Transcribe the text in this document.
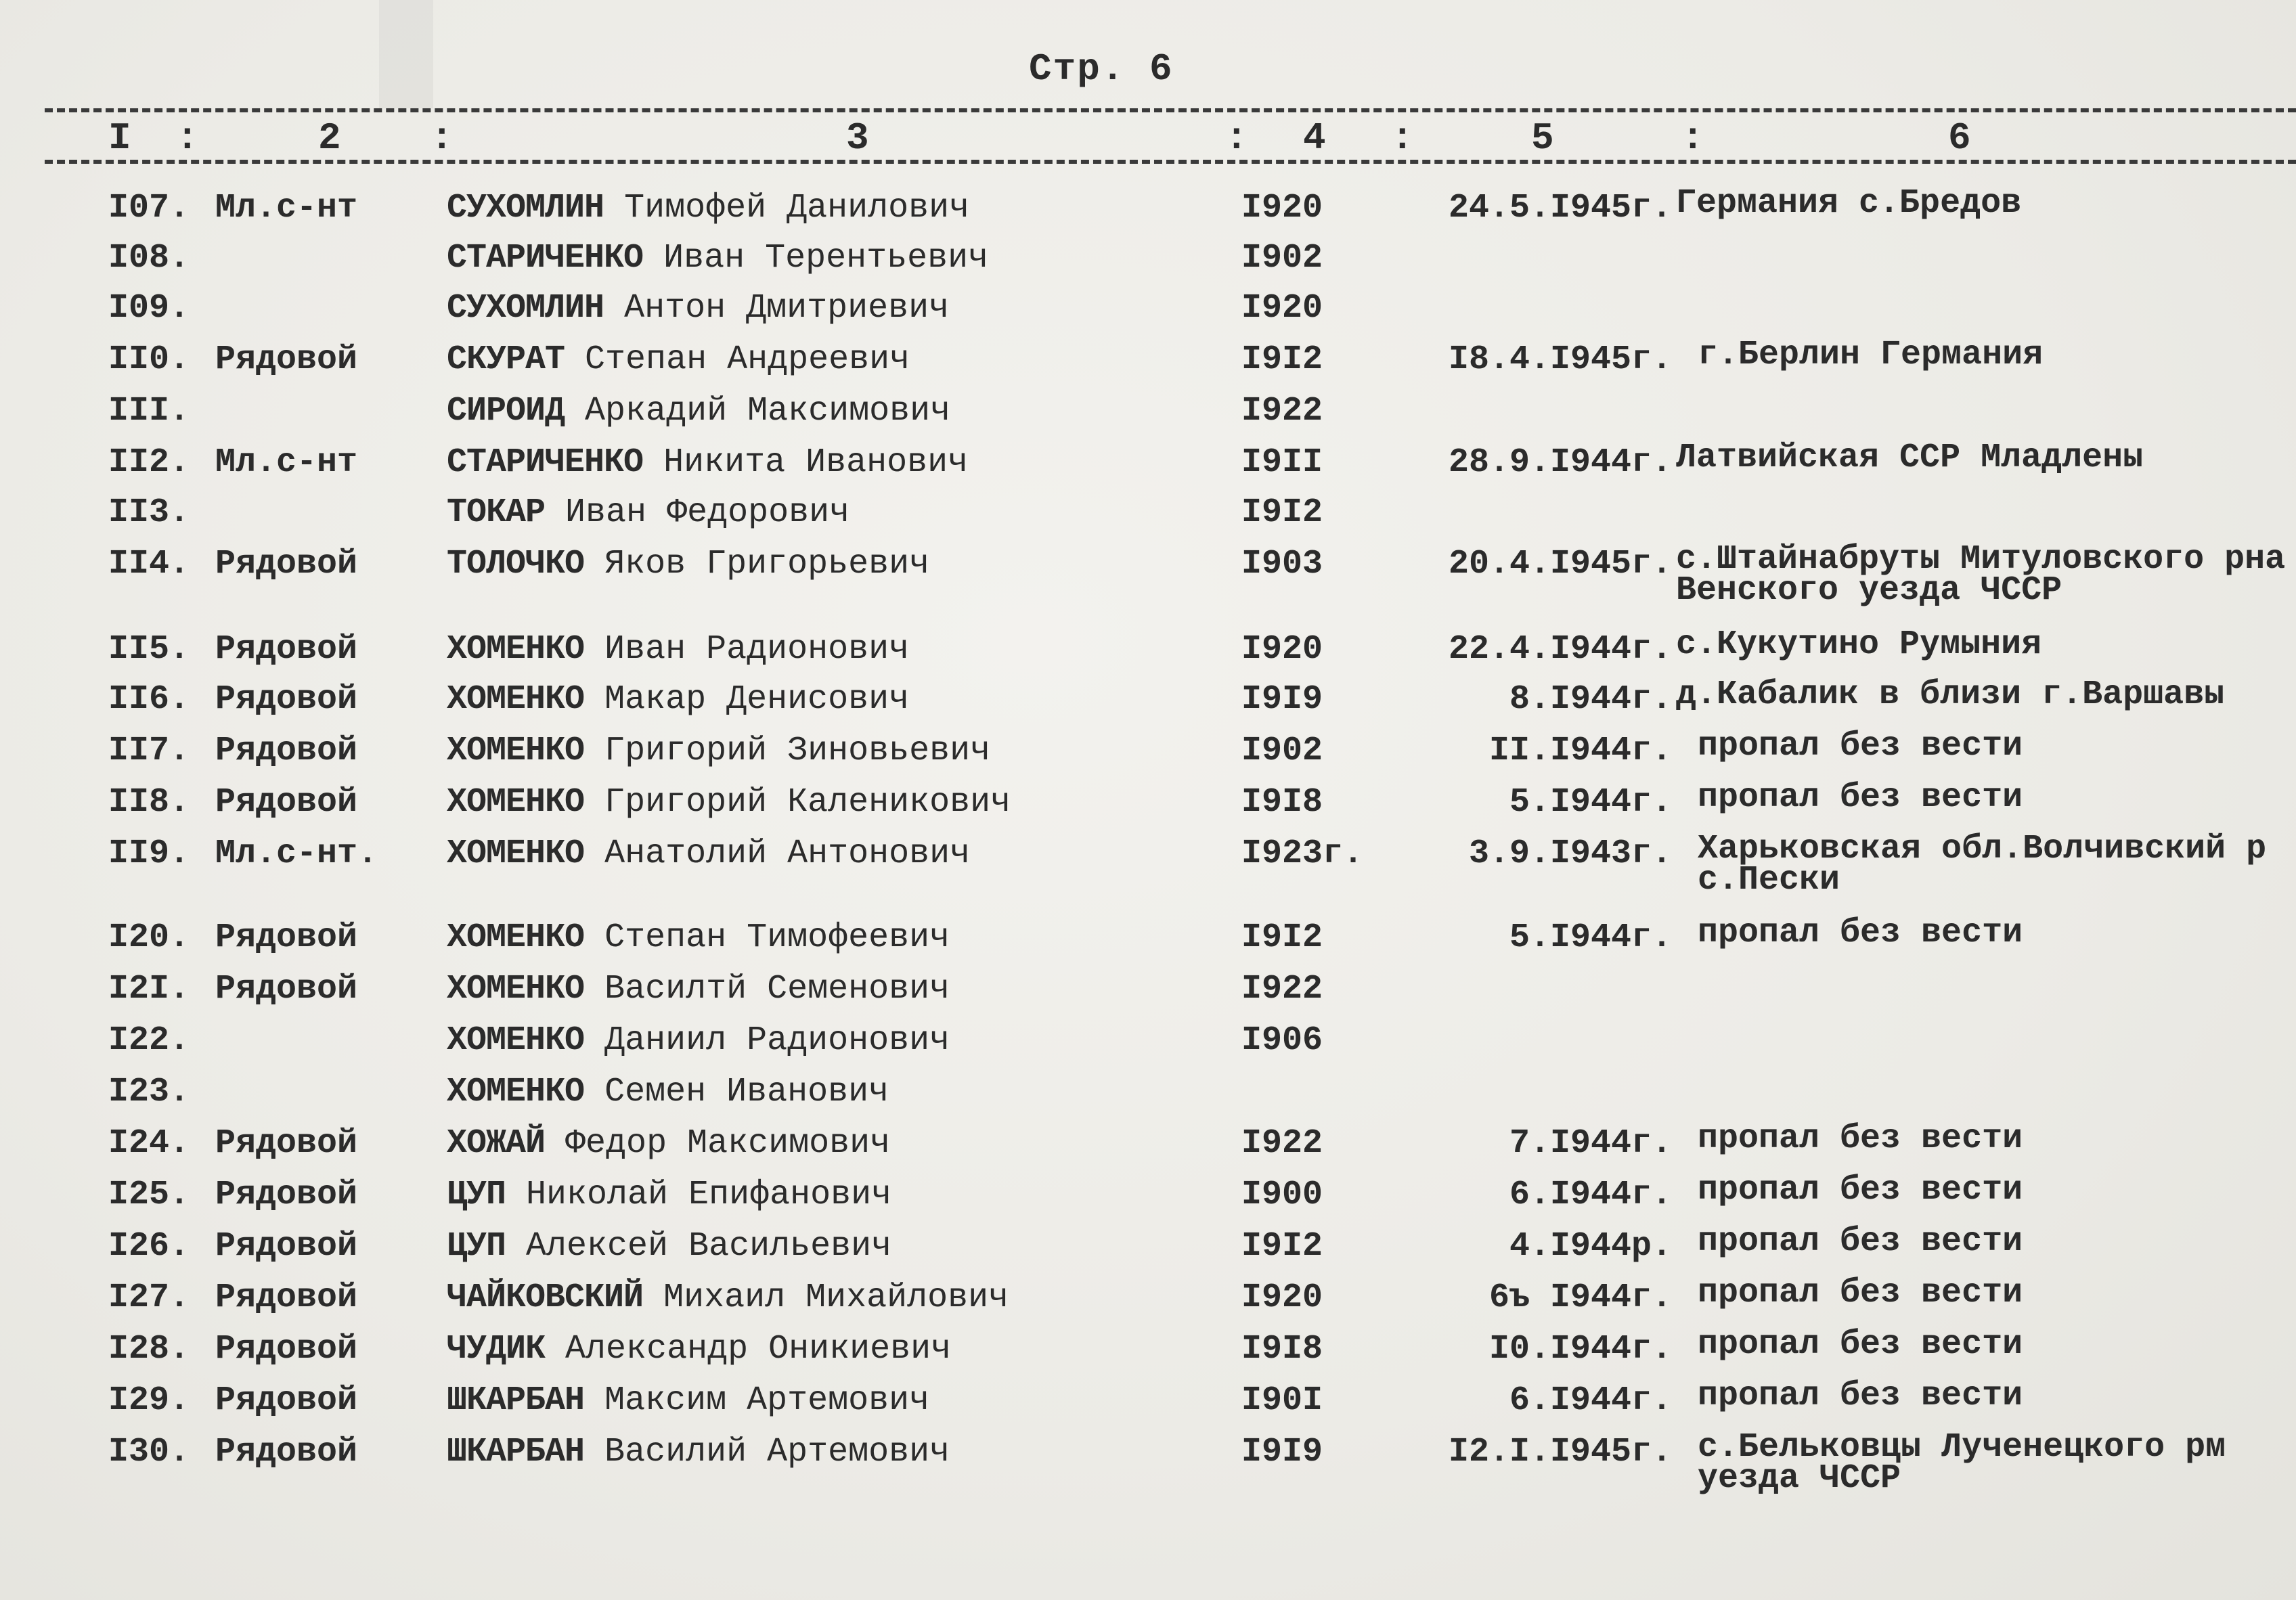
Стр. 6
I :	2 :	3	: 4 :	5	:	6
I07. Мл.с-нт	СУХОМЛИН Тимофей Данилович	I920	24.5.I945г. Германия с.Бредов
I08.	СТАРИЧЕНКО Иван Терентьевич	I902
I09.	СУХОМЛИН Антон Дмитриевич	I920
II0. Рядовой	СКУРАТ Степан Андреевич	I9I2	I8.4.I945г. г.Берлин Германия
III.	СИРОИД Аркадий Максимович	I922
II2. Мл.с-нт	СТАРИЧЕНКО Никита Иванович	I9II	28.9.I944г. Латвийская ССР Младлены
II3.	ТОКАР Иван Федорович	I9I2
II4. Рядовой	ТОЛОЧКО Яков Григорьевич	I903	20.4.I945г. с.Штайнабруты Митуловского рна
Венского уезда ЧССР
II5. Рядовой	ХОМЕНКО Иван Радионович	I920	22.4.I944г. с.Кукутино Румыния
II6. Рядовой	ХОМЕНКО Макар Денисович	I9I9	8.I944г. д.Кабалик в близи г.Варшавы
II7. Рядовой	ХОМЕНКО Григорий Зиновьевич	I902	II.I944г. пропал без вести
II8. Рядовой	ХОМЕНКО Григорий Каленикович	I9I8	5.I944г. пропал без вести
II9. Мл.с-нт.	ХОМЕНКО Анатолий Антонович	I923г.	3.9.I943г. Харьковская обл.Волчивский р
с.Пески
I20. Рядовой	ХОМЕНКО Степан Тимофеевич	I9I2	5.I944г. пропал без вести
I2I. Рядовой	ХОМЕНКО Василтй Семенович	I922
I22.	ХОМЕНКО Даниил Радионович	I906
I23.	ХОМЕНКО Семен Иванович
I24. Рядовой	ХОЖАЙ Федор Максимович	I922	7.I944г. пропал без вести
I25. Рядовой	ЦУП Николай Епифанович	I900	6.I944г. пропал без вести
I26. Рядовой	ЦУП Алексей Васильевич	I9I2	4.I944р. пропал без вести
I27. Рядовой	ЧАЙКОВСКИЙ Михаил Михайлович	I920	6ъ I944г. пропал без вести
I28. Рядовой	ЧУДИК Александр Оникиевич	I9I8	I0.I944г. пропал без вести
I29. Рядовой	ШКАРБАН Максим Артемович	I90I	6.I944г. пропал без вести
I30. Рядовой	ШКАРБАН Василий Артемович	I9I9	I2.I.I945г. с.Бельковцы Лученецкого рм
уезда ЧССР
